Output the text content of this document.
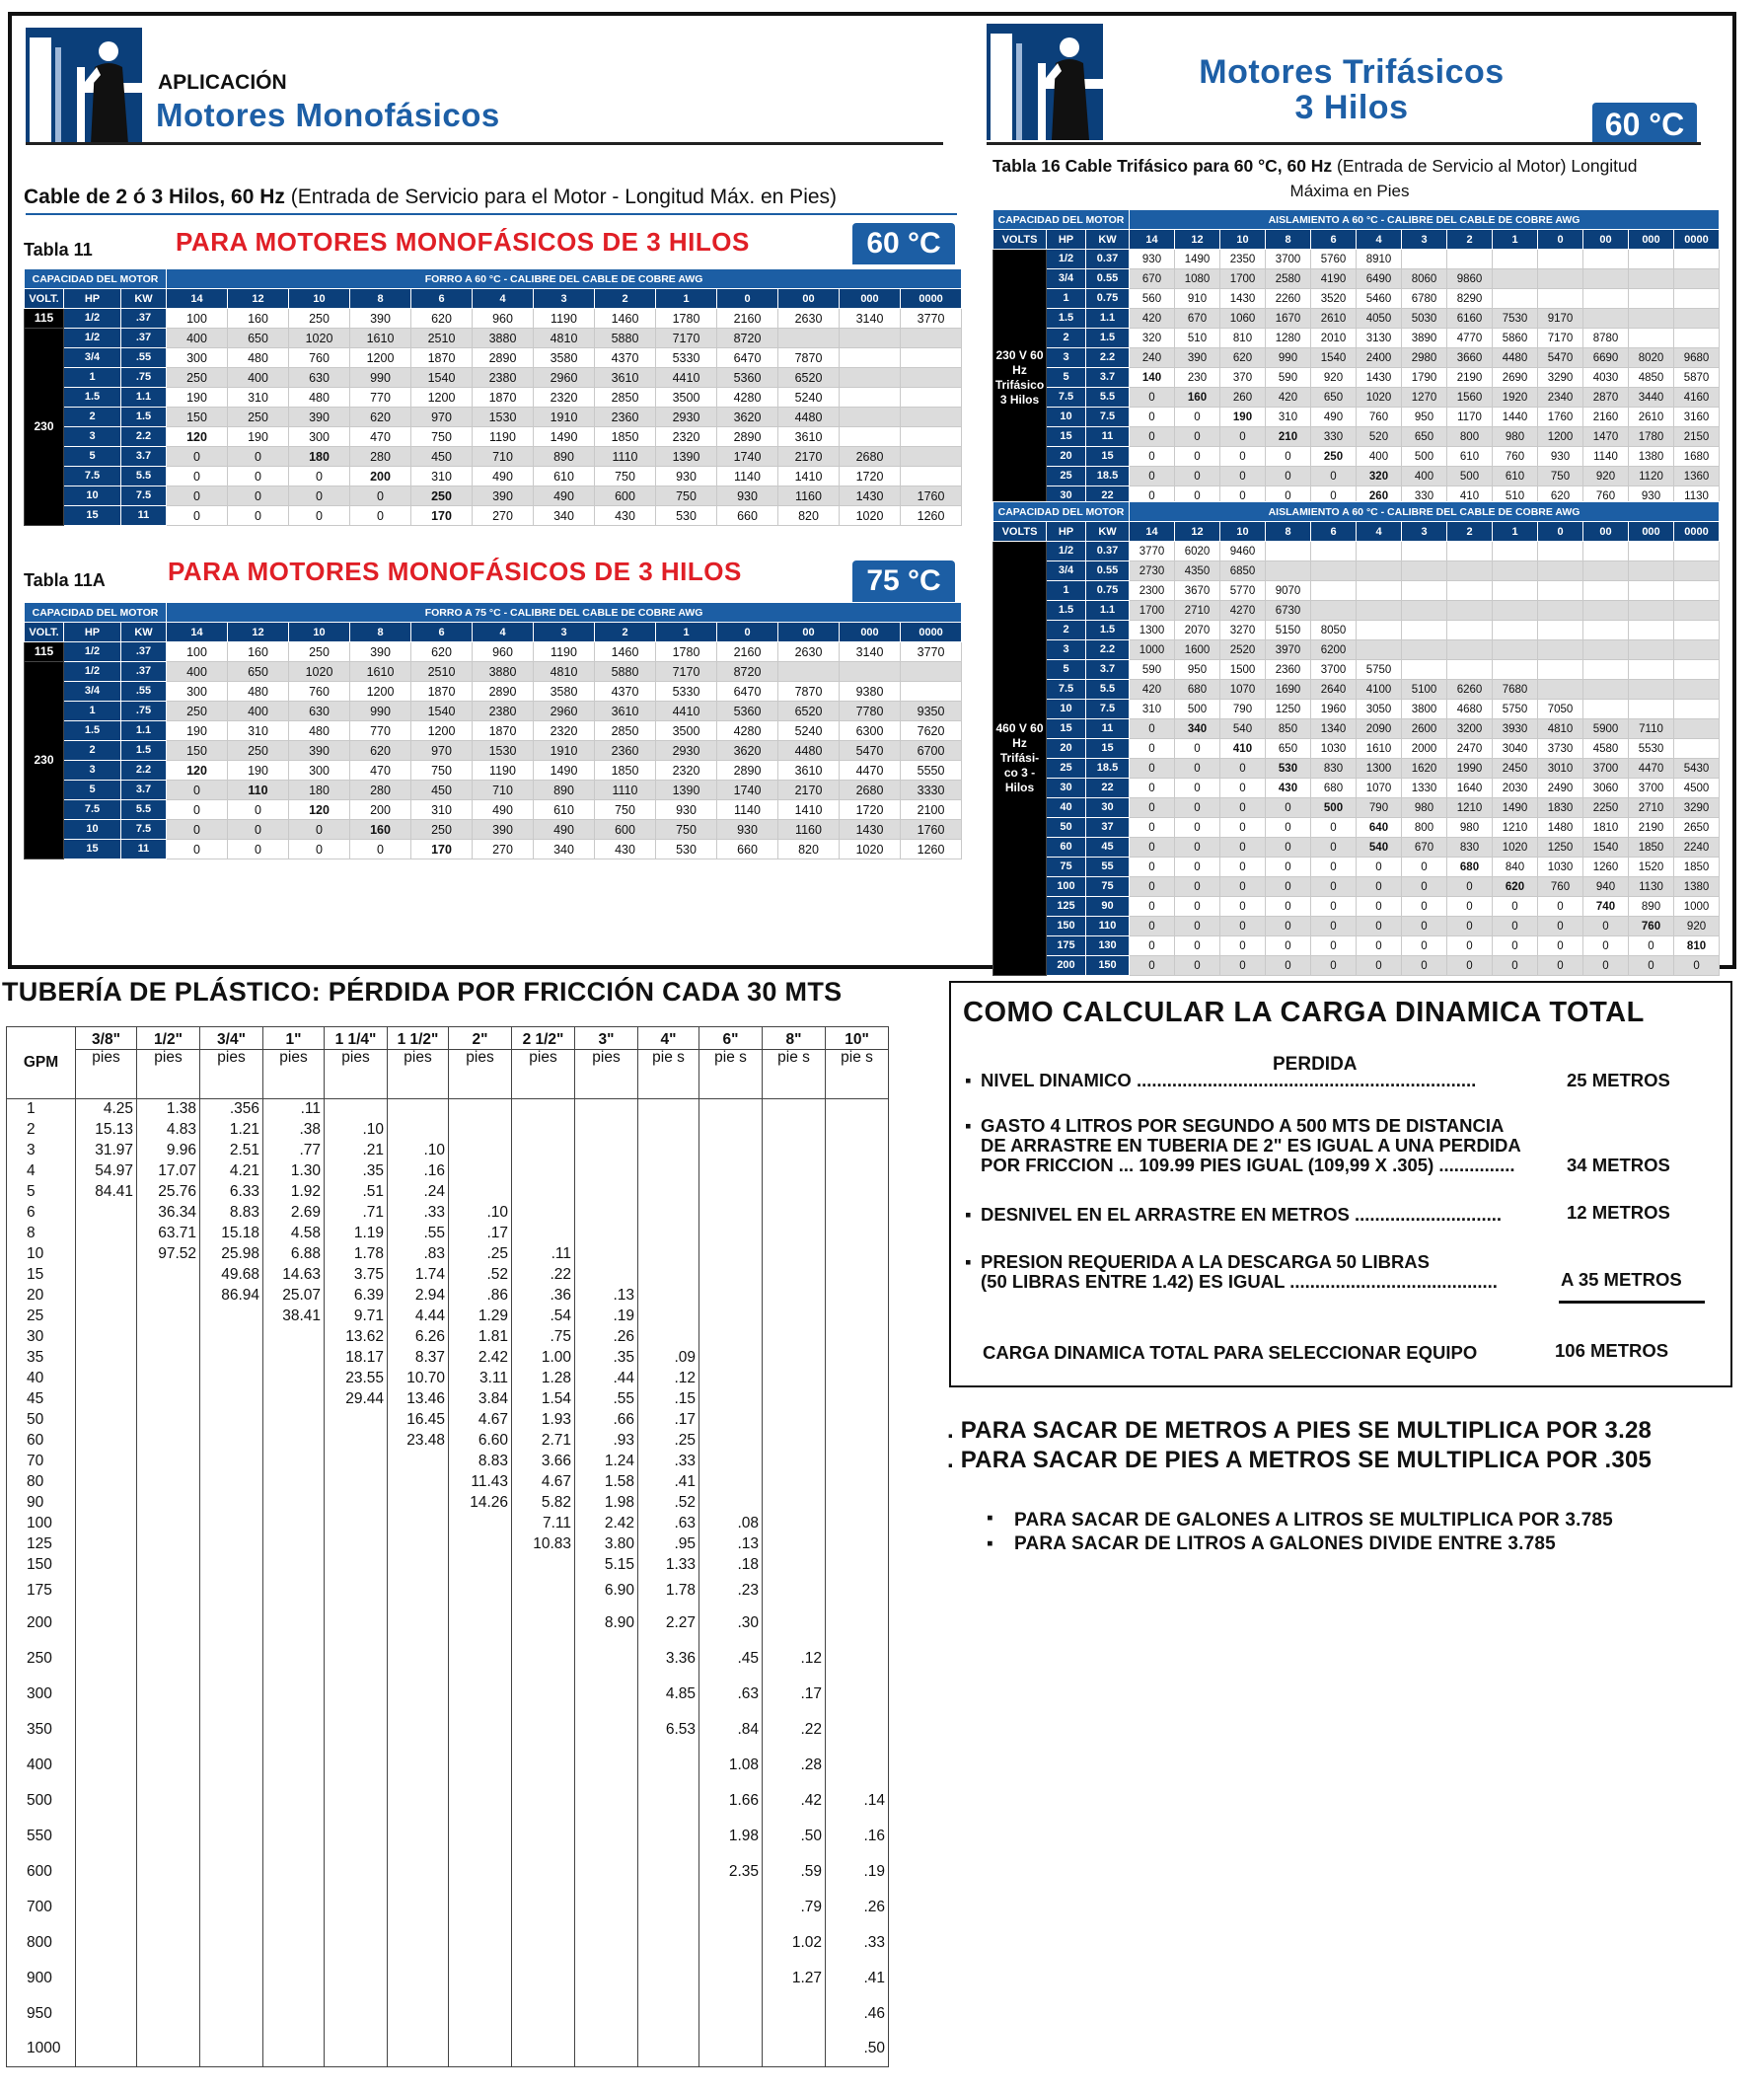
APLICACIÓN
Motores Monofásicos
Cable de 2 ó 3 Hilos, 60 Hz (Entrada de Servicio para el Motor - Longitud Máx. en Pies)
Tabla 11	PARA MOTORES MONOFÁSICOS DE 3 HILOS	60 °C
CAPACIDAD DEL MOTOR			FORRO A 60 °C - CALIBRE DEL CABLE DE COBRE AWG												
VOLT.	HP	KW	14	12	10	8	6	4	3	2	1	0	00	000	0000
115	1/2	.37	100	160	250	390	620	960	1190	1460	1780	2160	2630	3140	3770
230	1/2	.37	400	650	1020	1610	2510	3880	4810	5880	7170	8720			
	3/4	.55	300	480	760	1200	1870	2890	3580	4370	5330	6470	7870		
	1	.75	250	400	630	990	1540	2380	2960	3610	4410	5360	6520		
	1.5	1.1	190	310	480	770	1200	1870	2320	2850	3500	4280	5240		
	2	1.5	150	250	390	620	970	1530	1910	2360	2930	3620	4480		
	3	2.2	120	190	300	470	750	1190	1490	1850	2320	2890	3610		
	5	3.7	0	0	180	280	450	710	890	1110	1390	1740	2170	2680	
	7.5	5.5	0	0	0	200	310	490	610	750	930	1140	1410	1720	
	10	7.5	0	0	0	0	250	390	490	600	750	930	1160	1430	1760
	15	11	0	0	0	0	170	270	340	430	530	660	820	1020	1260
Tabla 11A PARA MOTORES MONOFÁSICOS DE 3 HILOS	75 °C
CAPACIDAD DEL MOTOR			FORRO A 75 °C - CALIBRE DEL CABLE DE COBRE AWG												
VOLT.	HP	KW	14	12	10	8	6	4	3	2	1	0	00	000	0000
115	1/2	.37	100	160	250	390	620	960	1190	1460	1780	2160	2630	3140	3770
230	1/2	.37	400	650	1020	1610	2510	3880	4810	5880	7170	8720			
	3/4	.55	300	480	760	1200	1870	2890	3580	4370	5330	6470	7870	9380	
	1	.75	250	400	630	990	1540	2380	2960	3610	4410	5360	6520	7780	9350
	1.5	1.1	190	310	480	770	1200	1870	2320	2850	3500	4280	5240	6300	7620
	2	1.5	150	250	390	620	970	1530	1910	2360	2930	3620	4480	5470	6700
	3	2.2	120	190	300	470	750	1190	1490	1850	2320	2890	3610	4470	5550
	5	3.7	0	110	180	280	450	710	890	1110	1390	1740	2170	2680	3330
	7.5	5.5	0	0	120	200	310	490	610	750	930	1140	1410	1720	2100
	10	7.5	0	0	0	160	250	390	490	600	750	930	1160	1430	1760
	15	11	0	0	0	0	170	270	340	430	530	660	820	1020	1260
Motores Trifásicos
3 Hilos	60 °C
Tabla 16 Cable Trifásico para 60 °C, 60 Hz (Entrada de Servicio al Motor) Longitud
Máxima en Pies
CAPACIDAD DEL MOTOR			AISLAMIENTO A 60 °C - CALIBRE DEL CABLE DE COBRE AWG												
VOLTS	HP	KW	14	12	10	8	6	4	3	2	1	0	00	000	0000
230 V 60 Hz Trifásico 3 Hilos	1/2	0.37	930	1490	2350	3700	5760	8910							
	3/4	0.55	670	1080	1700	2580	4190	6490	8060	9860					
	1	0.75	560	910	1430	2260	3520	5460	6780	8290					
	1.5	1.1	420	670	1060	1670	2610	4050	5030	6160	7530	9170			
	2	1.5	320	510	810	1280	2010	3130	3890	4770	5860	7170	8780		
	3	2.2	240	390	620	990	1540	2400	2980	3660	4480	5470	6690	8020	9680
	5	3.7	140	230	370	590	920	1430	1790	2190	2690	3290	4030	4850	5870
	7.5	5.5	0	160	260	420	650	1020	1270	1560	1920	2340	2870	3440	4160
	10	7.5	0	0	190	310	490	760	950	1170	1440	1760	2160	2610	3160
	15	11	0	0	0	210	330	520	650	800	980	1200	1470	1780	2150
	20	15	0	0	0	0	250	400	500	610	760	930	1140	1380	1680
	25	18.5	0	0	0	0	0	320	400	500	610	750	920	1120	1360
	30	22	0	0	0	0	0	260	330	410	510	620	760	930	1130
CAPACIDAD DEL MOTOR			AISLAMIENTO A 60 °C - CALIBRE DEL CABLE DE COBRE AWG												
VOLTS	HP	KW	14	12	10	8	6	4	3	2	1	0	00	000	0000
460 V 60 Hz Trifási-co 3 - Hilos	1/2	0.37	3770	6020	9460										
	3/4	0.55	2730	4350	6850										
	1	0.75	2300	3670	5770	9070									
	1.5	1.1	1700	2710	4270	6730									
	2	1.5	1300	2070	3270	5150	8050								
	3	2.2	1000	1600	2520	3970	6200								
	5	3.7	590	950	1500	2360	3700	5750							
	7.5	5.5	420	680	1070	1690	2640	4100	5100	6260	7680				
	10	7.5	310	500	790	1250	1960	3050	3800	4680	5750	7050			
	15	11	0	340	540	850	1340	2090	2600	3200	3930	4810	5900	7110	
	20	15	0	0	410	650	1030	1610	2000	2470	3040	3730	4580	5530	
	25	18.5	0	0	0	530	830	1300	1620	1990	2450	3010	3700	4470	5430
	30	22	0	0	0	430	680	1070	1330	1640	2030	2490	3060	3700	4500
	40	30	0	0	0	0	500	790	980	1210	1490	1830	2250	2710	3290
	50	37	0	0	0	0	0	640	800	980	1210	1480	1810	2190	2650
	60	45	0	0	0	0	0	540	670	830	1020	1250	1540	1850	2240
	75	55	0	0	0	0	0	0	0	680	840	1030	1260	1520	1850
	100	75	0	0	0	0	0	0	0	0	620	760	940	1130	1380
	125	90	0	0	0	0	0	0	0	0	0	0	740	890	1000
	150	110	0	0	0	0	0	0	0	0	0	0	0	760	920
	175	130	0	0	0	0	0	0	0	0	0	0	0	0	810
	200	150	0	0	0	0	0	0	0	0	0	0	0	0	0
TUBERÍA DE PLÁSTICO: PÉRDIDA POR FRICCIÓN CADA 30 MTS
GPM	3/8"	1/2"	3/4"	1"	1 1/4"	1 1/2"	2"	2 1/2"	3"	4"	6"	8"	10"
	pies	pies	pies	pies	pies	pies	pies	pies	pies	pie s	pie s	pie s	pie s
1	4.25	1.38	.356	.11									
2	15.13	4.83	1.21	.38	.10								
3	31.97	9.96	2.51	.77	.21	.10							
4	54.97	17.07	4.21	1.30	.35	.16							
5	84.41	25.76	6.33	1.92	.51	.24							
6		36.34	8.83	2.69	.71	.33	.10						
8		63.71	15.18	4.58	1.19	.55	.17						
10		97.52	25.98	6.88	1.78	.83	.25	.11					
15			49.68	14.63	3.75	1.74	.52	.22					
20			86.94	25.07	6.39	2.94	.86	.36	.13				
25				38.41	9.71	4.44	1.29	.54	.19				
30					13.62	6.26	1.81	.75	.26				
35					18.17	8.37	2.42	1.00	.35	.09			
40					23.55	10.70	3.11	1.28	.44	.12			
45					29.44	13.46	3.84	1.54	.55	.15			
50						16.45	4.67	1.93	.66	.17			
60						23.48	6.60	2.71	.93	.25			
70							8.83	3.66	1.24	.33			
80							11.43	4.67	1.58	.41			
90							14.26	5.82	1.98	.52			
100								7.11	2.42	.63	.08		
125								10.83	3.80	.95	.13		
150									5.15	1.33	.18		
175									6.90	1.78	.23		
200									8.90	2.27	.30		
250										3.36	.45	.12	
300										4.85	.63	.17	
350										6.53	.84	.22	
400											1.08	.28	
500											1.66	.42	.14
550											1.98	.50	.16
600											2.35	.59	.19
700												.79	.26
800												1.02	.33
900												1.27	.41
950													.46
1000													.50
COMO CALCULAR LA CARGA DINAMICA TOTAL
PERDIDA
▪ NIVEL DINAMICO ...................................................................	25 METROS
▪ GASTO 4 LITROS POR SEGUNDO A 500 MTS DE DISTANCIA
DE ARRASTRE EN TUBERIA DE 2" ES IGUAL A UNA PERDIDA
POR FRICCION ... 109.99 PIES IGUAL (109,99 X .305) ...............	34 METROS
▪ DESNIVEL EN EL ARRASTRE EN METROS .............................	12 METROS
▪ PRESION REQUERIDA A LA DESCARGA 50 LIBRAS
(50 LIBRAS ENTRE 1.42) ES IGUAL .........................................	A 35 METROS
CARGA DINAMICA TOTAL PARA SELECCIONAR EQUIPO	106 METROS
. PARA SACAR DE METROS A PIES SE MULTIPLICA POR 3.28
. PARA SACAR DE PIES A METROS SE MULTIPLICA POR .305
▪ PARA SACAR DE GALONES A LITROS SE MULTIPLICA POR 3.785
▪ PARA SACAR DE LITROS A GALONES DIVIDE ENTRE 3.785
